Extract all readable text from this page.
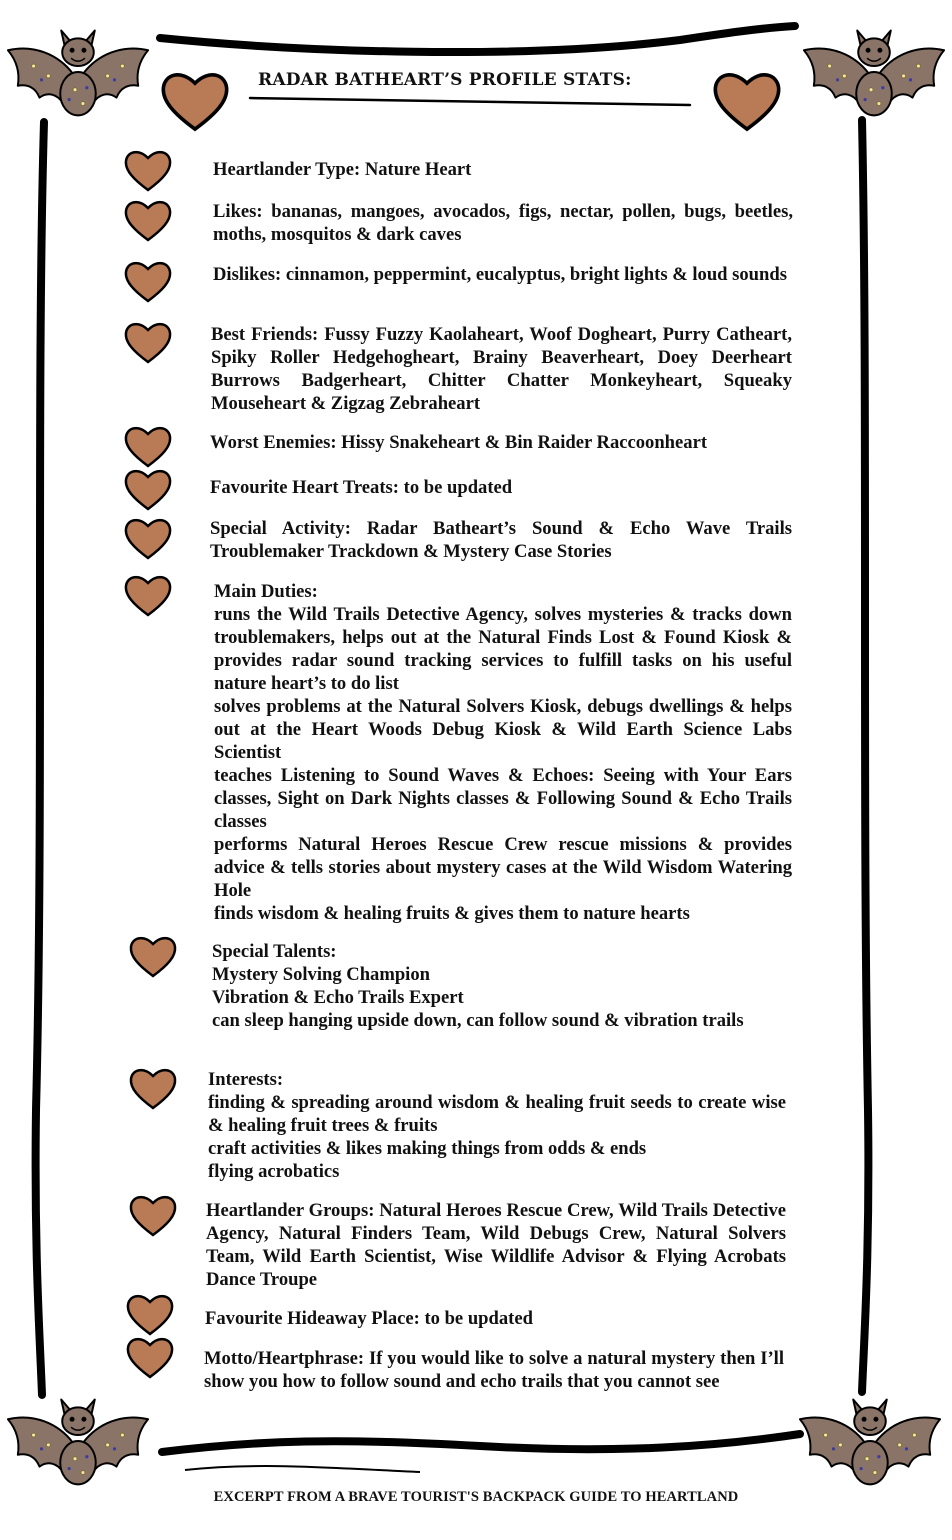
RADAR BATHEART’S PROFILE STATS:
Heartlander Type: Nature Heart
Likes: bananas, mangoes, avocados, figs, nectar, pollen, bugs, beetles, moths, mosquitos & dark caves
Dislikes: cinnamon, peppermint, eucalyptus, bright lights & loud sounds
Best Friends: Fussy Fuzzy Kaolaheart, Woof Dogheart, Purry Catheart, Spiky Roller Hedgehogheart, Brainy Beaverheart, Doey Deerheart Burrows Badgerheart, Chitter Chatter Monkeyheart, Squeaky Mouseheart & Zigzag Zebraheart
Worst Enemies: Hissy Snakeheart & Bin Raider Raccoonheart
Favourite Heart Treats: to be updated
Special Activity: Radar Batheart’s Sound & Echo Wave Trails Troublemaker Trackdown & Mystery Case Stories
Main Duties:
runs the Wild Trails Detective Agency, solves mysteries & tracks down troublemakers, helps out at the Natural Finds Lost & Found Kiosk & provides radar sound tracking services to fulfill tasks on his useful nature heart’s to do list
solves problems at the Natural Solvers Kiosk, debugs dwellings & helps out at the Heart Woods Debug Kiosk & Wild Earth Science Labs Scientist
teaches Listening to Sound Waves & Echoes: Seeing with Your Ears classes, Sight on Dark Nights classes & Following Sound & Echo Trails classes
performs Natural Heroes Rescue Crew rescue missions & provides advice & tells stories about mystery cases at the Wild Wisdom Watering Hole
finds wisdom & healing fruits & gives them to nature hearts
Special Talents:
Mystery Solving Champion
Vibration & Echo Trails Expert
can sleep hanging upside down, can follow sound & vibration trails
Interests:
finding & spreading around wisdom & healing fruit seeds to create wise & healing fruit trees & fruits
craft activities & likes making things from odds & ends
flying acrobatics
Heartlander Groups: Natural Heroes Rescue Crew, Wild Trails Detective Agency, Natural Finders Team, Wild Debugs Crew, Natural Solvers Team, Wild Earth Scientist, Wise Wildlife Advisor & Flying Acrobats Dance Troupe
Favourite Hideaway Place: to be updated
Motto/Heartphrase: If you would like to solve a natural mystery then I’ll show you how to follow sound and echo trails that you cannot see
EXCERPT FROM A BRAVE TOURIST'S BACKPACK GUIDE TO HEARTLAND
